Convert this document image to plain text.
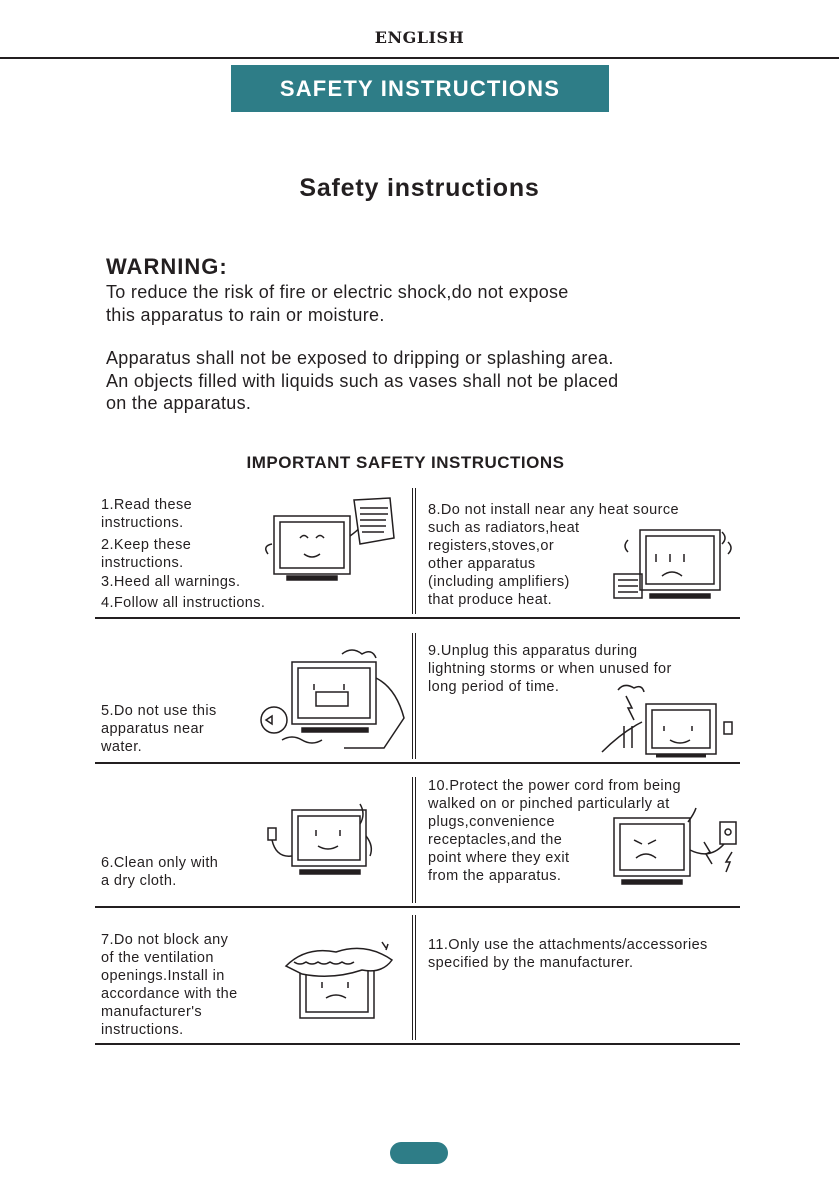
ENGLISH
SAFETY INSTRUCTIONS
Safety instructions
WARNING:
To reduce the risk of fire or electric shock,do not expose
this apparatus to rain or moisture.
Apparatus shall not be exposed to dripping or splashing area.
An objects filled with liquids such as vases shall not be placed
on the apparatus.
IMPORTANT SAFETY INSTRUCTIONS
1.Read these
instructions.
2.Keep these
instructions.
3.Heed all warnings.
4.Follow all instructions.
8.Do not install near any heat source
such as radiators,heat
registers,stoves,or
other apparatus
(including amplifiers)
that produce heat.
5.Do not use this
apparatus near
water.
9.Unplug this apparatus during
lightning storms or when unused for
long period of time.
6.Clean only with
a dry cloth.
10.Protect the power cord from being
walked on or pinched particularly at
plugs,convenience
receptacles,and the
point where they exit
from the apparatus.
7.Do not block any
of the ventilation
openings.Install in
accordance with the
manufacturer's
instructions.
11.Only use the attachments/accessories
specified by the manufacturer.
